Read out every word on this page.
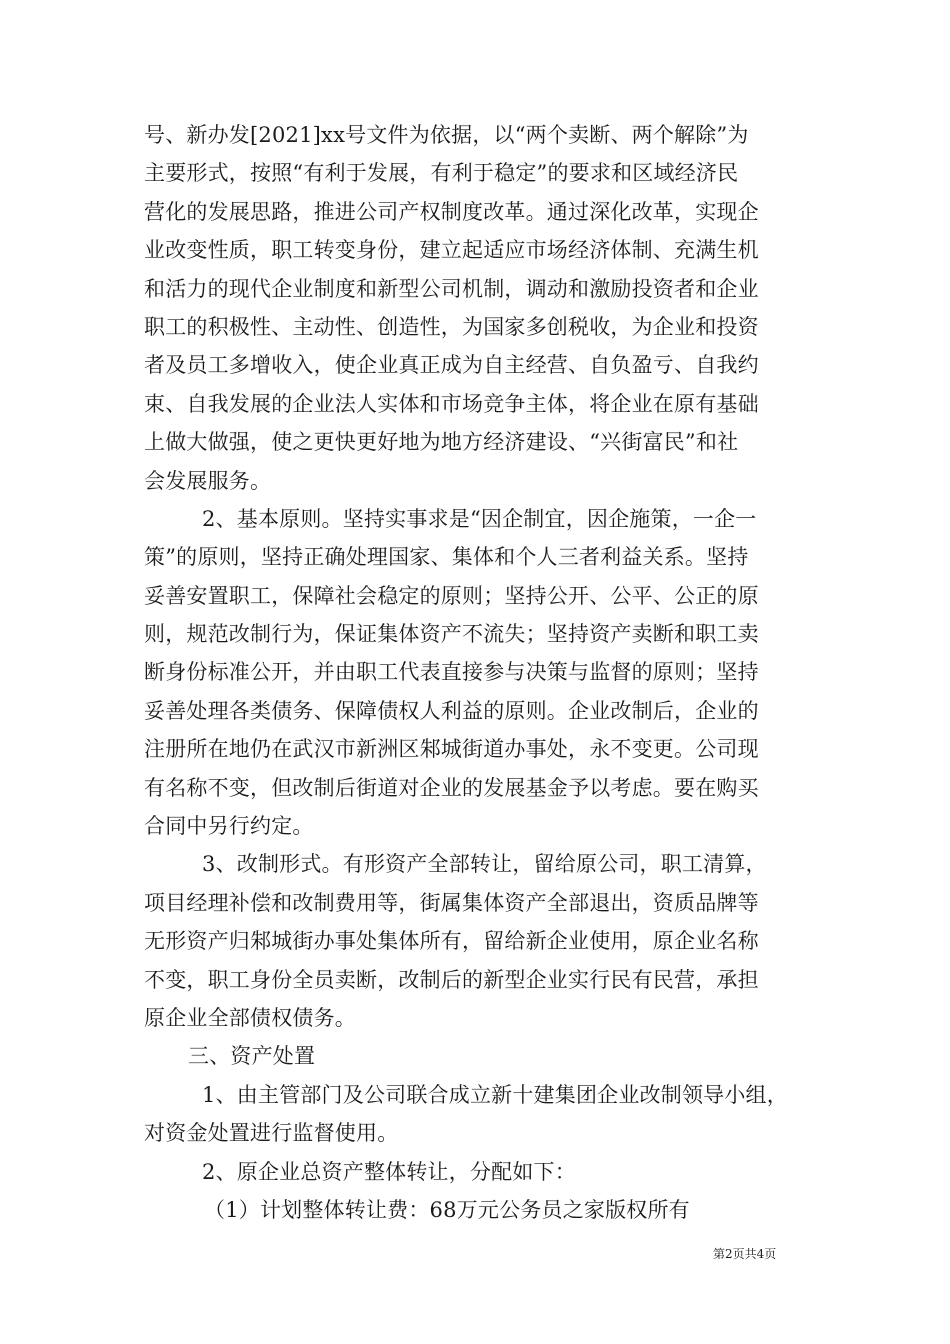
号、新办发[2021]xx号文件为依据，以“两个卖断、两个解除”为
主要形式，按照“有利于发展，有利于稳定”的要求和区域经济民
营化的发展思路，推进公司产权制度改革。通过深化改革，实现企
业改变性质，职工转变身份，建立起适应市场经济体制、充满生机
和活力的现代企业制度和新型公司机制，调动和激励投资者和企业
职工的积极性、主动性、创造性，为国家多创税收，为企业和投资
者及员工多增收入，使企业真正成为自主经营、自负盈亏、自我约
束、自我发展的企业法人实体和市场竞争主体，将企业在原有基础
上做大做强，使之更快更好地为地方经济建设、“兴街富民”和社
会发展服务。
2、基本原则。坚持实事求是“因企制宜，因企施策，一企一
策”的原则，坚持正确处理国家、集体和个人三者利益关系。坚持
妥善安置职工，保障社会稳定的原则；坚持公开、公平、公正的原
则，规范改制行为，保证集体资产不流失；坚持资产卖断和职工卖
断身份标准公开，并由职工代表直接参与决策与监督的原则；坚持
妥善处理各类债务、保障债权人利益的原则。企业改制后，企业的
注册所在地仍在武汉市新洲区邾城街道办事处，永不变更。公司现
有名称不变，但改制后街道对企业的发展基金予以考虑。要在购买
合同中另行约定。
3、改制形式。有形资产全部转让，留给原公司，职工清算，
项目经理补偿和改制费用等，街属集体资产全部退出，资质品牌等
无形资产归邾城街办事处集体所有，留给新企业使用，原企业名称
不变，职工身份全员卖断，改制后的新型企业实行民有民营，承担
原企业全部债权债务。
三、资产处置
1、由主管部门及公司联合成立新十建集团企业改制领导小组，
对资金处置进行监督使用。
2、原企业总资产整体转让，分配如下：
（1）计划整体转让费：68万元公务员之家版权所有
第2页共4页
